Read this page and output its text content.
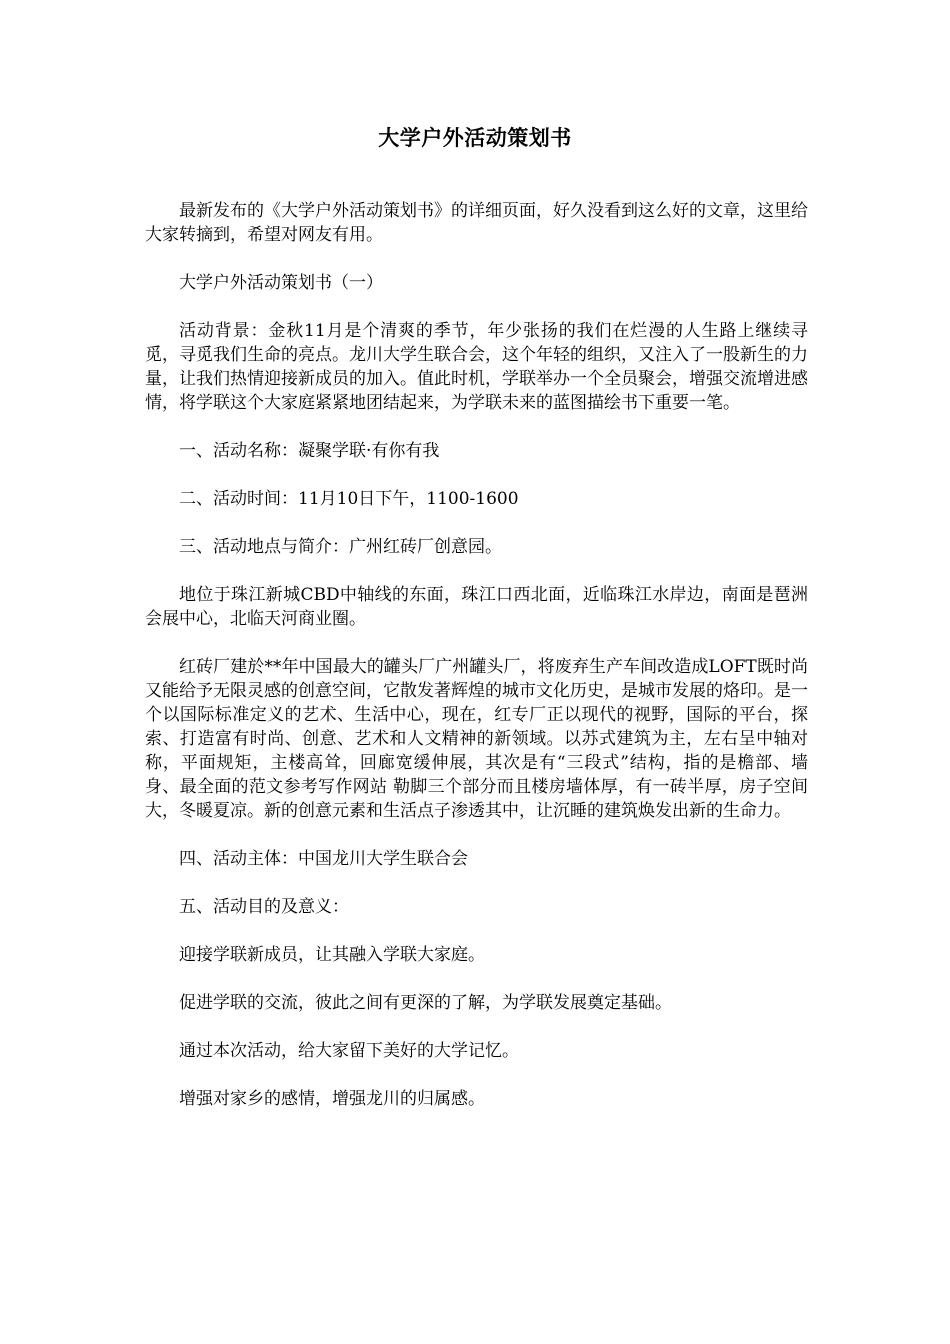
大学户外活动策划书

最新发布的《大学户外活动策划书》的详细页面，好久没看到这么好的文章，这里给大家转摘到，希望对网友有用。

大学户外活动策划书（一）

活动背景：金秋11月是个清爽的季节，年少张扬的我们在烂漫的人生路上继续寻觅，寻觅我们生命的亮点。龙川大学生联合会，这个年轻的组织，又注入了一股新生的力量，让我们热情迎接新成员的加入。值此时机，学联举办一个全员聚会，增强交流增进感情，将学联这个大家庭紧紧地团结起来，为学联未来的蓝图描绘书下重要一笔。

一、活动名称：凝聚学联·有你有我

二、活动时间：11月10日下午，1100-1600

三、活动地点与简介：广州红砖厂创意园。

地位于珠江新城CBD中轴线的东面，珠江口西北面，近临珠江水岸边，南面是琶洲会展中心，北临天河商业圈。

红砖厂建於**年中国最大的罐头厂广州罐头厂，将废弃生产车间改造成LOFT既时尚又能给予无限灵感的创意空间，它散发著辉煌的城市文化历史，是城市发展的烙印。是一个以国际标准定义的艺术、生活中心，现在，红专厂正以现代的视野，国际的平台，探索、打造富有时尚、创意、艺术和人文精神的新领域。以苏式建筑为主，左右呈中轴对称，平面规矩，主楼高耸，回廊宽缓伸展，其次是有“三段式”结构，指的是檐部、墙身、最全面的范文参考写作网站 勒脚三个部分而且楼房墙体厚，有一砖半厚，房子空间大，冬暖夏凉。新的创意元素和生活点子渗透其中，让沉睡的建筑焕发出新的生命力。

四、活动主体：中国龙川大学生联合会

五、活动目的及意义：

迎接学联新成员，让其融入学联大家庭。

促进学联的交流，彼此之间有更深的了解，为学联发展奠定基础。

通过本次活动，给大家留下美好的大学记忆。

增强对家乡的感情，增强龙川的归属感。
